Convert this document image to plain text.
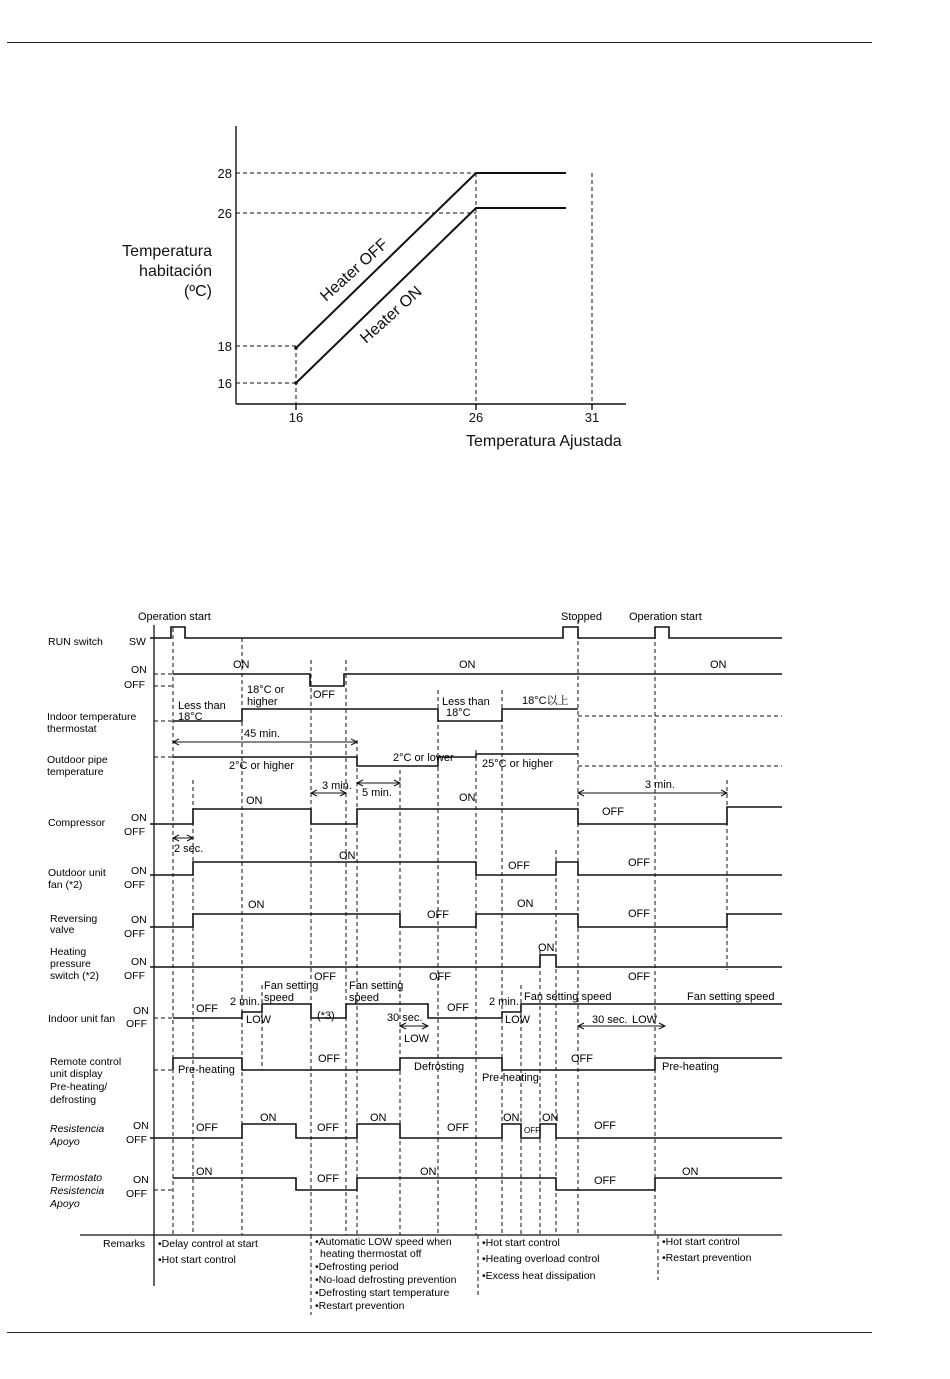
28
26
18
16
16	26	31
Temperatura
habitación
(ºC)
Temperatura Ajustada
Heater OFF
Heater ON
Operation start	Stopped Operation start
RUN switch SW
ON
OFF
Indoor temperature
thermostat
Outdoor pipe
temperature
Compressor ON
OFF
Outdoor unit
fan (*2)
ON
OFF
Reversing
valve
ON
OFF
Heating
pressure
switch (*2)
ON
OFF
Indoor unit fan
ON
OFF
Remote control
unit display
Pre-heating/
defrosting
Resistencia
Apoyo
ON
OFF
Termostato
Resistencia
Apoyo
ON
OFF
ON
OFF
ON	ON
Less than
18°C
18°C or
higher	Less than
18°C
18°C以上
45 min.
2°C or higher
2°C or lower	25°C or higher
3 min.
5 min.
3 min.
ON	ON
OFF
2 sec.
ON
OFF	OFF
ON
OFF
ON
OFF
ON
OFF	OFF	OFF
OFF
2 min.
Fan setting
speed
Fan setting
speed
LOW	(*3)	30 sec.
LOW
OFF 2 min. Fan setting speed
LOW	30 sec. LOW
Fan setting speed
Pre-heating
OFF
Defrosting
Pre-heating
OFF
Pre-heating
OFF
ON
OFF
ON
OFF
ON
OFF
ON
OFF
ON
OFF
ON
OFF
ON
Remarks •Delay control at start
•Hot start control
•Automatic LOW speed when
heating thermostat off
•Defrosting period
•No-load defrosting prevention
•Defrosting start temperature
•Restart prevention
•Hot start control
•Heating overload control
•Excess heat dissipation
•Hot start control
•Restart prevention
